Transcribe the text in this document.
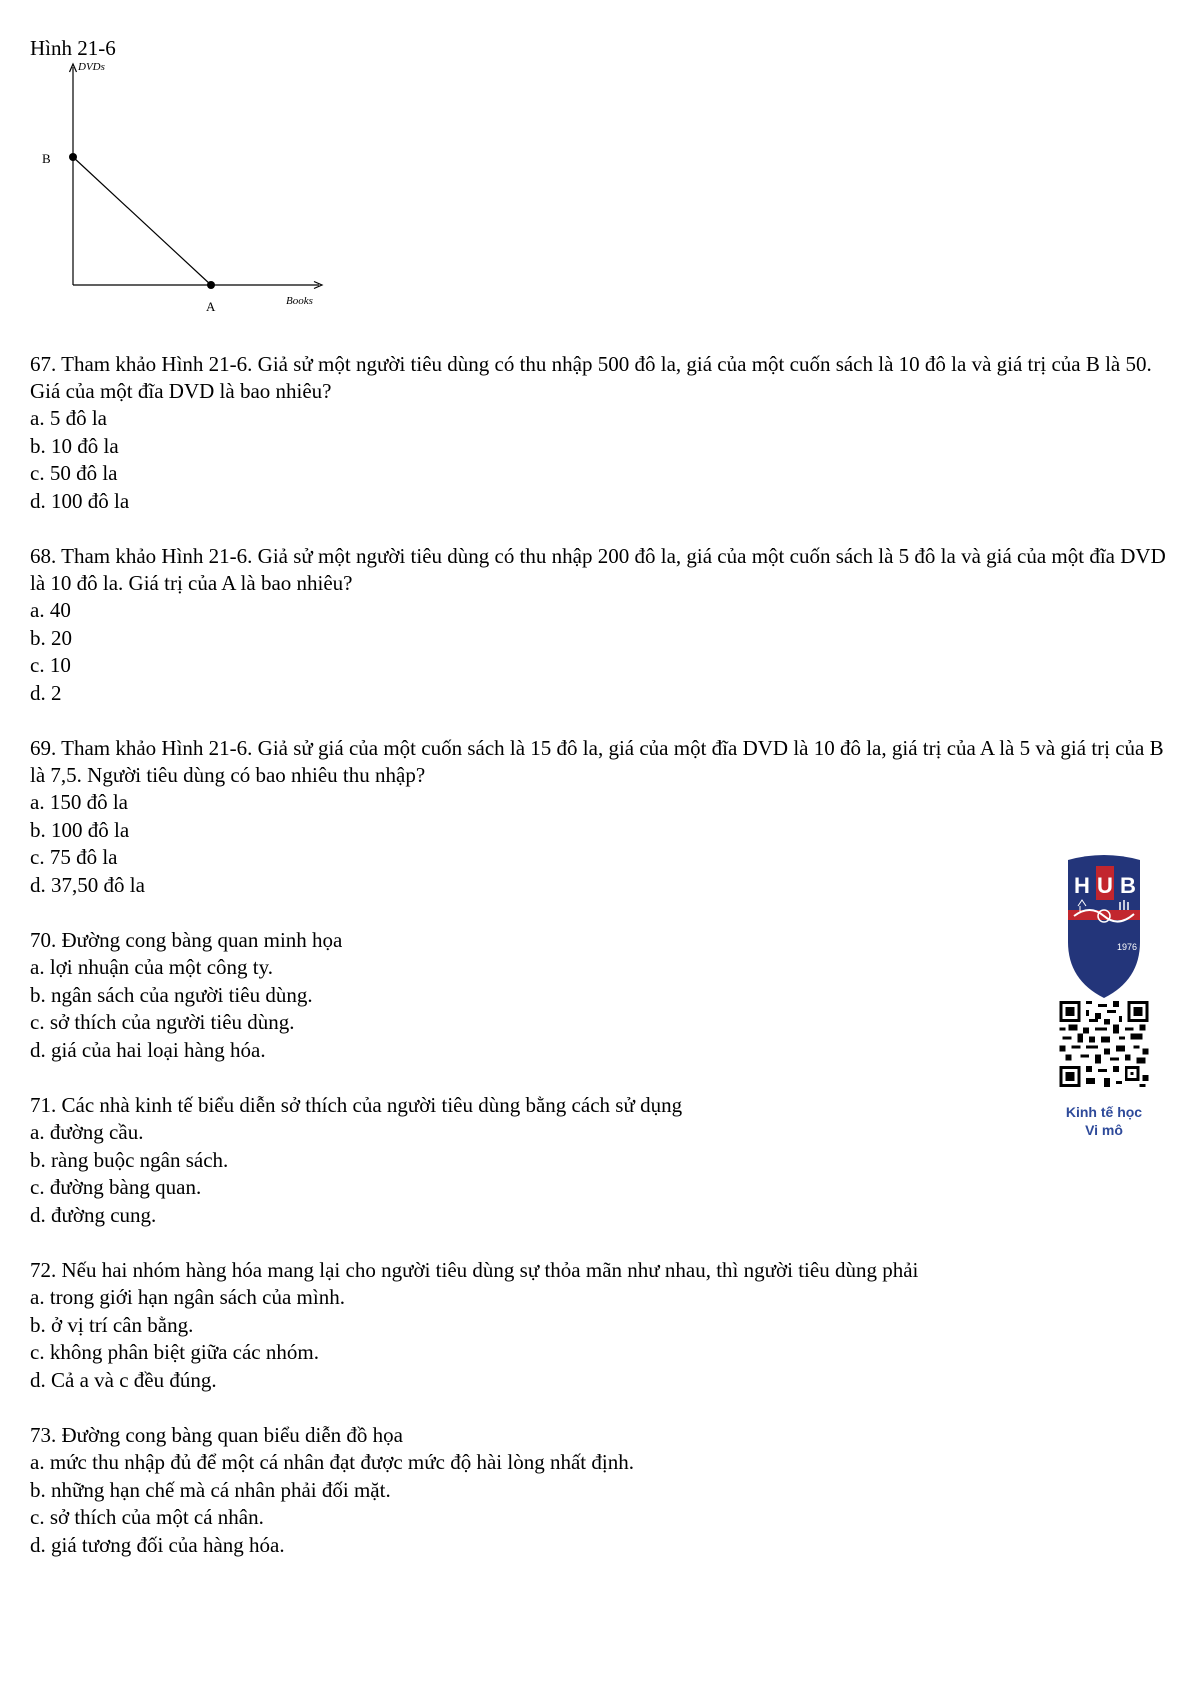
Hình 21-6
DVDs
Books
B
A

67. Tham khảo Hình 21-6. Giả sử một người tiêu dùng có thu nhập 500 đô la, giá của một cuốn sách là 10 đô la và giá trị của B là 50. Giá của một đĩa DVD là bao nhiêu?

a. 5 đô la

b. 10 đô la

c. 50 đô la

d. 100 đô la

68. Tham khảo Hình 21-6. Giả sử một người tiêu dùng có thu nhập 200 đô la, giá của một cuốn sách là 5 đô la và giá của một đĩa DVD là 10 đô la. Giá trị của A là bao nhiêu?

a. 40

b. 20

c. 10

d. 2

69. Tham khảo Hình 21-6. Giả sử giá của một cuốn sách là 15 đô la, giá của một đĩa DVD là 10 đô la, giá trị của A là 5 và giá trị của B là 7,5. Người tiêu dùng có bao nhiêu thu nhập?

a. 150 đô la

b. 100 đô la

c. 75 đô la

d. 37,50 đô la

70. Đường cong bàng quan minh họa

a. lợi nhuận của một công ty.

b. ngân sách của người tiêu dùng.

c. sở thích của người tiêu dùng.

d. giá của hai loại hàng hóa.

71. Các nhà kinh tế biểu diễn sở thích của người tiêu dùng bằng cách sử dụng

a. đường cầu.

b. ràng buộc ngân sách.

c. đường bàng quan.

d. đường cung.

72. Nếu hai nhóm hàng hóa mang lại cho người tiêu dùng sự thỏa mãn như nhau, thì người tiêu dùng phải

a. trong giới hạn ngân sách của mình.

b. ở vị trí cân bằng.

c. không phân biệt giữa các nhóm.

d. Cả a và c đều đúng.

73. Đường cong bàng quan biểu diễn đồ họa

a. mức thu nhập đủ để một cá nhân đạt được mức độ hài lòng nhất định.

b. những hạn chế mà cá nhân phải đối mặt.

c. sở thích của một cá nhân.

d. giá tương đối của hàng hóa.

H U B
1976
Kinh tế học
Vi mô
